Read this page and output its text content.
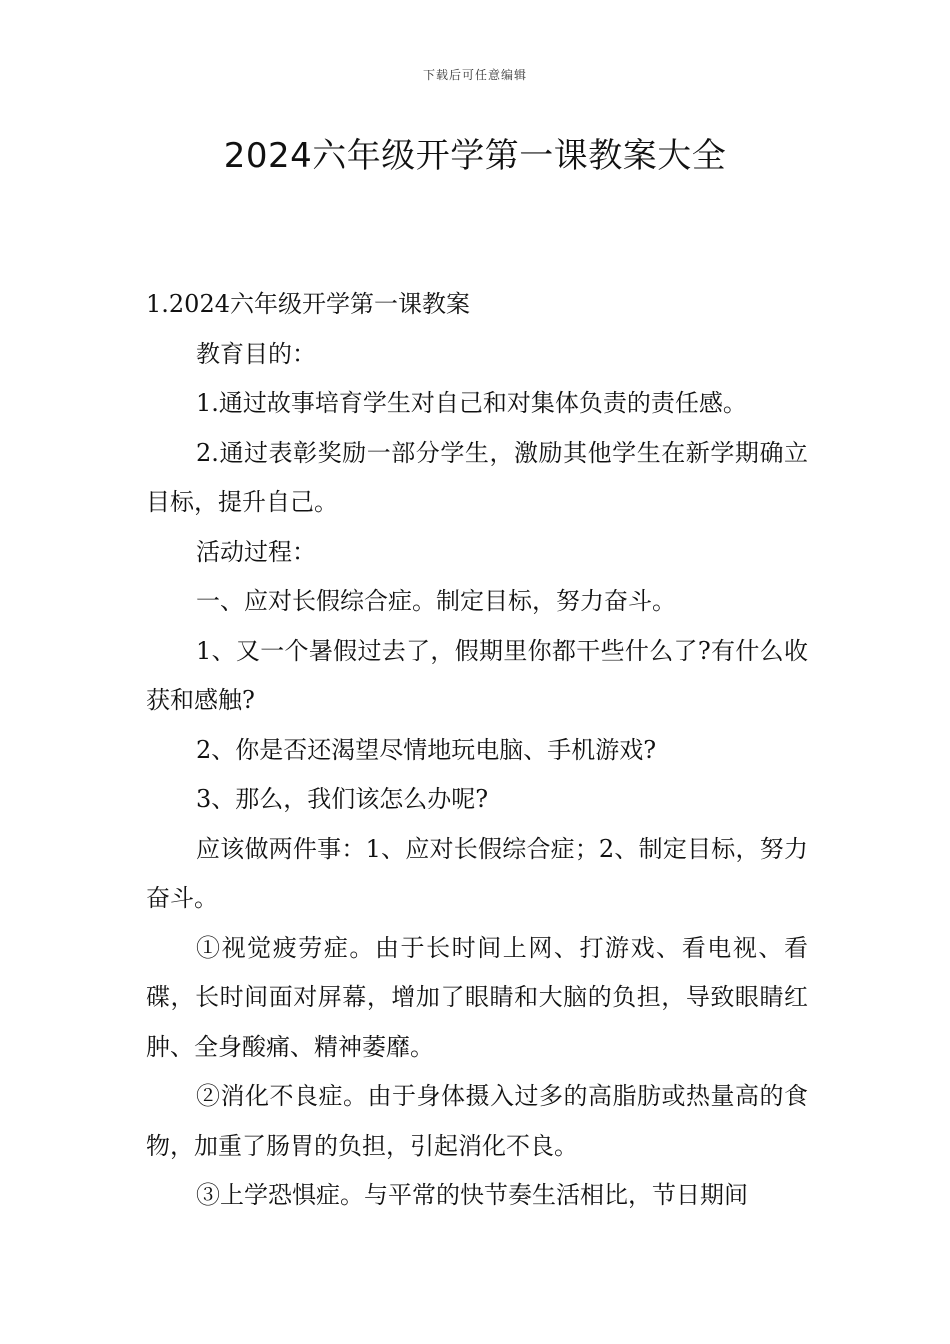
下载后可任意编辑
2024六年级开学第一课教案大全

1.2024六年级开学第一课教案

教育目的：

1.通过故事培育学生对自己和对集体负责的责任感。

2.通过表彰奖励一部分学生，激励其他学生在新学期确立目标，提升自己。

活动过程：

一、应对长假综合症。制定目标，努力奋斗。

1、又一个暑假过去了，假期里你都干些什么了?有什么收获和感触?

2、你是否还渴望尽情地玩电脑、手机游戏?

3、那么，我们该怎么办呢?

应该做两件事：1、应对长假综合症；2、制定目标，努力奋斗。

①视觉疲劳症。由于长时间上网、打游戏、看电视、看碟，长时间面对屏幕，增加了眼睛和大脑的负担，导致眼睛红肿、全身酸痛、精神萎靡。

②消化不良症。由于身体摄入过多的高脂肪或热量高的食物，加重了肠胃的负担，引起消化不良。

③上学恐惧症。与平常的快节奏生活相比，节日期间
